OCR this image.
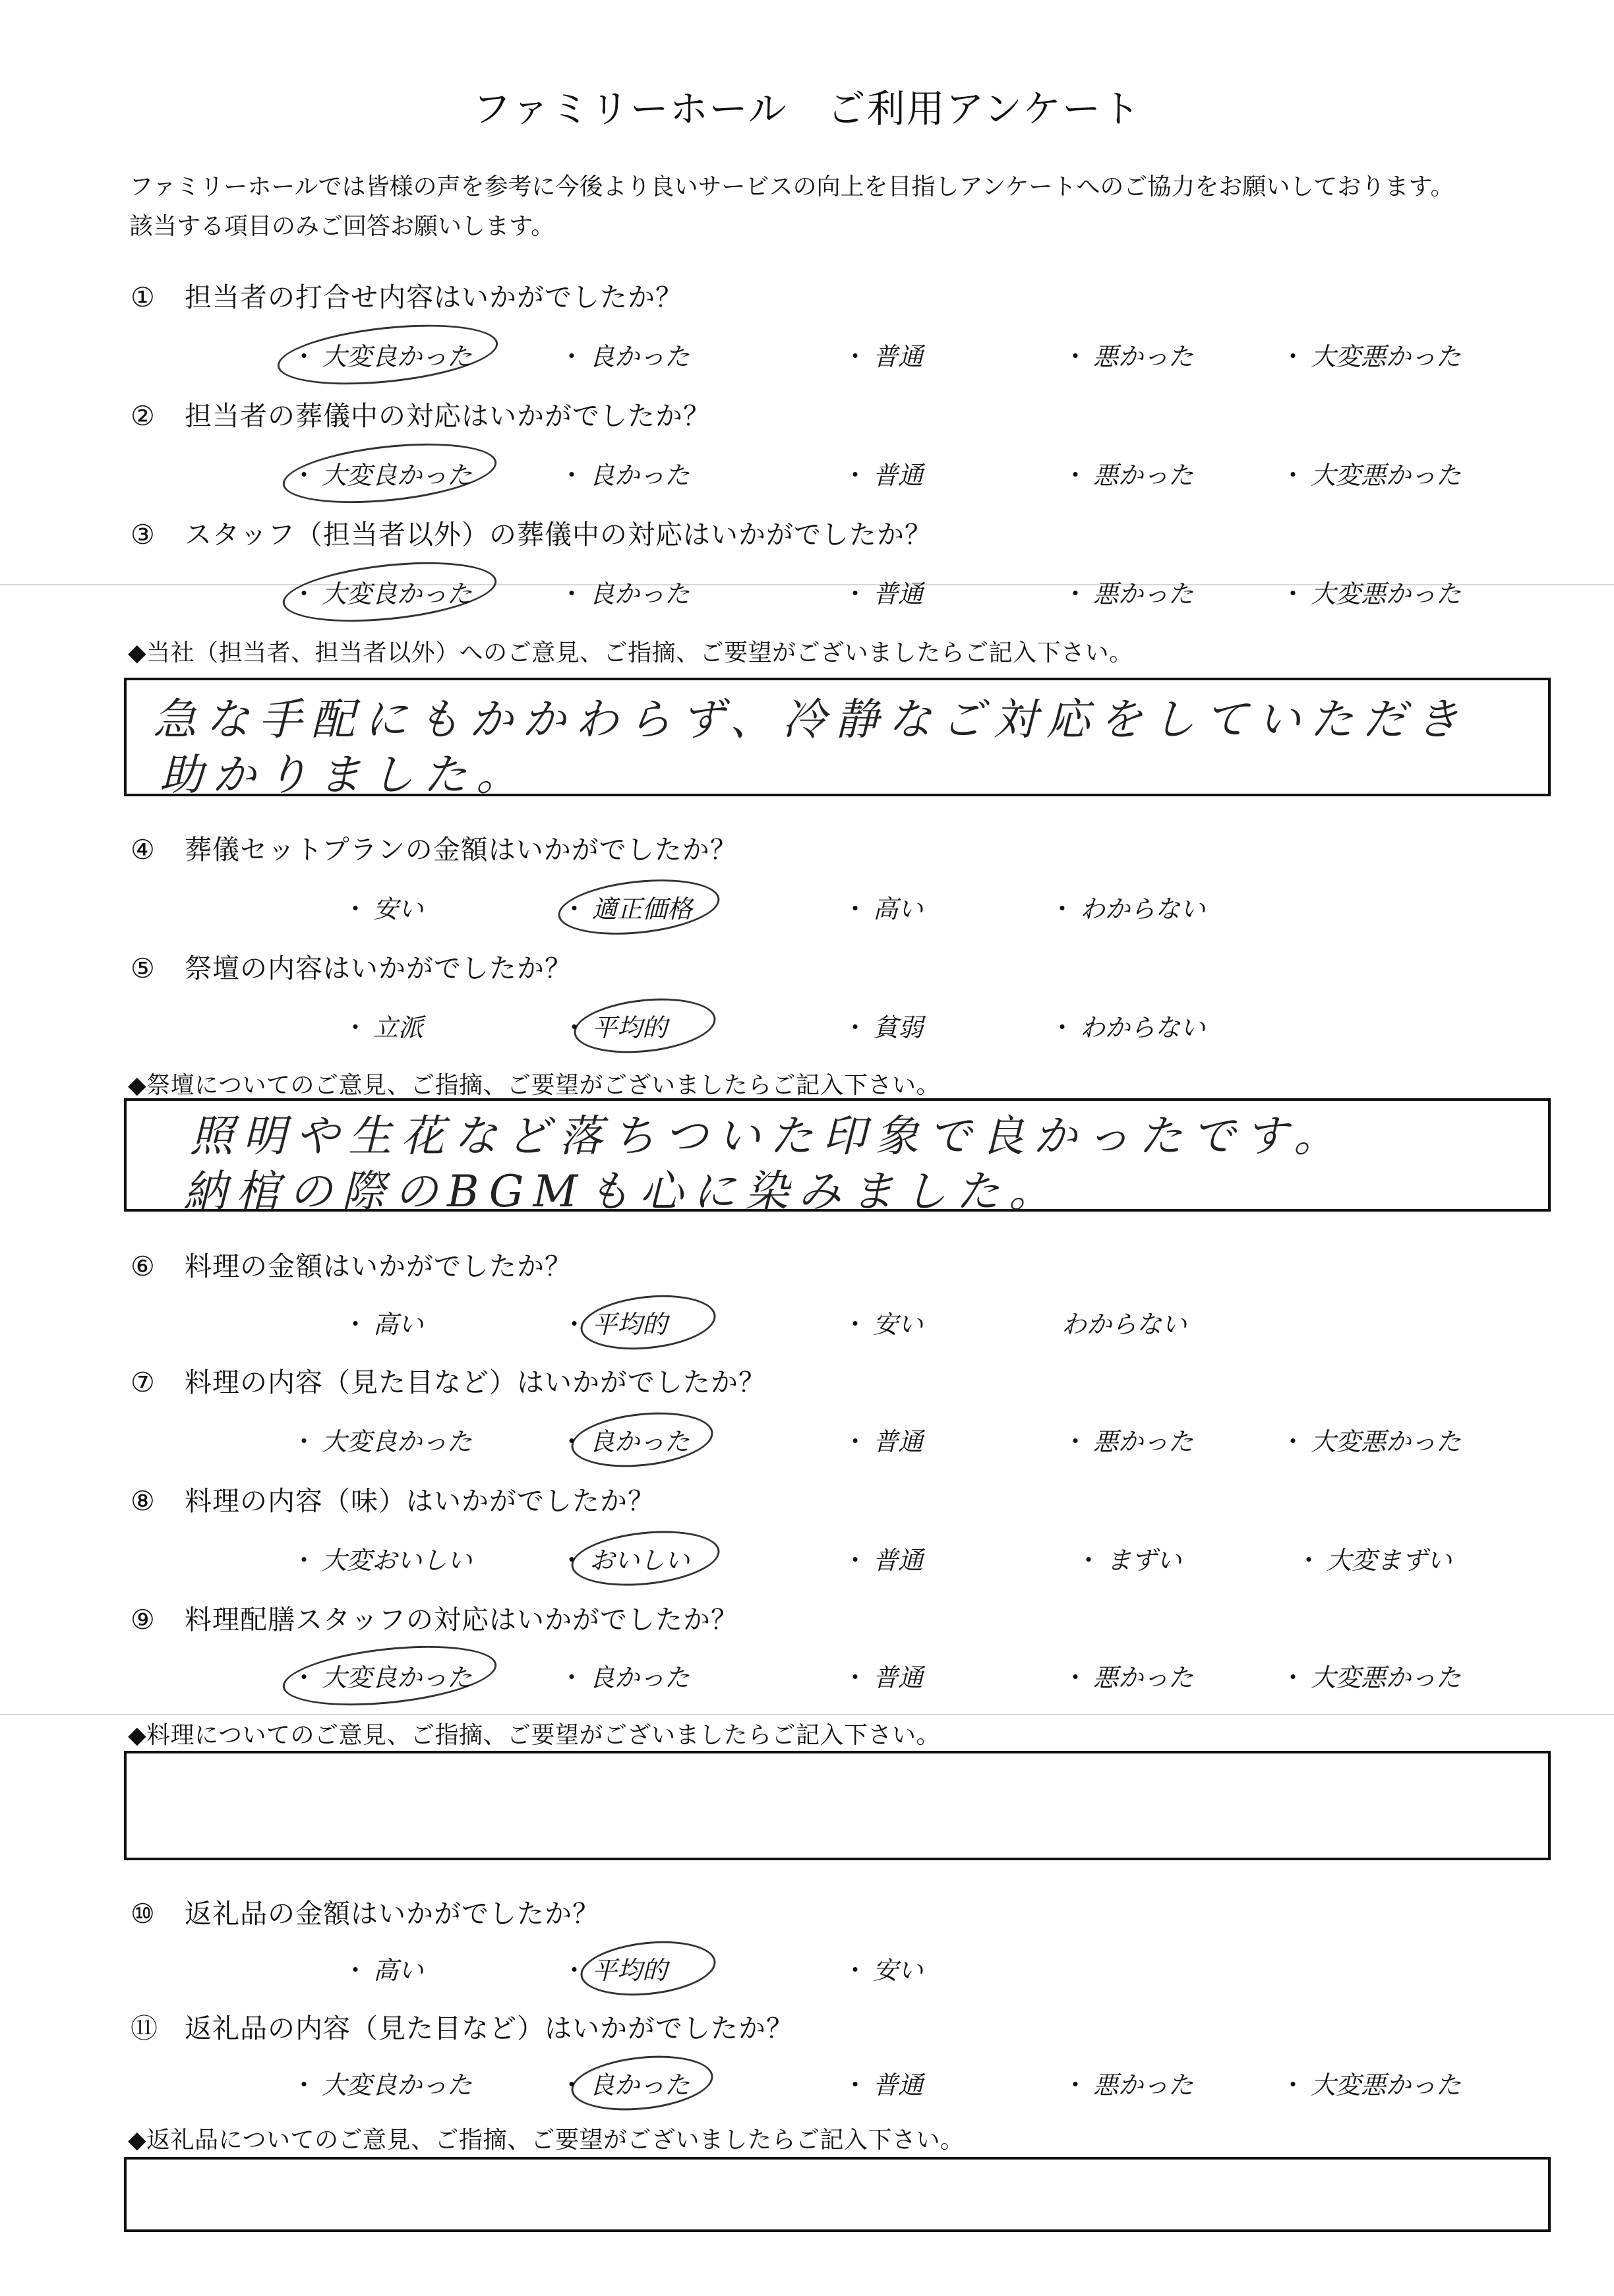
ファミリーホール　ご利用アンケート
ファミリーホールでは皆様の声を参考に今後より良いサービスの向上を目指しアンケートへのご協力をお願いしております。
該当する項目のみご回答お願いします。
① 担当者の打合せ内容はいかがでしたか？
・ 大変良かった	・ 良かった	・ 普通	・ 悪かった	・ 大変悪かった
② 担当者の葬儀中の対応はいかがでしたか？
・ 大変良かった	・ 良かった	・ 普通	・ 悪かった	・ 大変悪かった
③ スタッフ（担当者以外）の葬儀中の対応はいかがでしたか？
・ 大変良かった	・ 良かった	・ 普通	・ 悪かった	・ 大変悪かった
◆当社（担当者、担当者以外）へのご意見、ご指摘、ご要望がございましたらご記入下さい。
急な手配にもかかわらず、冷静なご対応をしていただき
助かりました。
④ 葬儀セットプランの金額はいかがでしたか？
・ 安い	・ 適正価格	・ 高い	・ わからない
⑤ 祭壇の内容はいかがでしたか？
・ 立派	・ 平均的	・ 貧弱	・ わからない
◆祭壇についてのご意見、ご指摘、ご要望がございましたらご記入下さい。
照明や生花など落ちついた印象で良かったです。
納棺の際のBGMも心に染みました。
⑥ 料理の金額はいかがでしたか？
・ 高い	・ 平均的	・ 安い	わからない
⑦ 料理の内容（見た目など）はいかがでしたか？
・ 大変良かった	・ 良かった	・ 普通	・ 悪かった	・ 大変悪かった
⑧ 料理の内容（味）はいかがでしたか？
・ 大変おいしい	・ おいしい	・ 普通	・ まずい	・ 大変まずい
⑨ 料理配膳スタッフの対応はいかがでしたか？
・ 大変良かった	・ 良かった	・ 普通	・ 悪かった	・ 大変悪かった
◆料理についてのご意見、ご指摘、ご要望がございましたらご記入下さい。
⑩ 返礼品の金額はいかがでしたか？
・ 高い	・ 平均的	・ 安い
⑪ 返礼品の内容（見た目など）はいかがでしたか？
・ 大変良かった	・ 良かった	・ 普通	・ 悪かった	・ 大変悪かった
◆返礼品についてのご意見、ご指摘、ご要望がございましたらご記入下さい。
